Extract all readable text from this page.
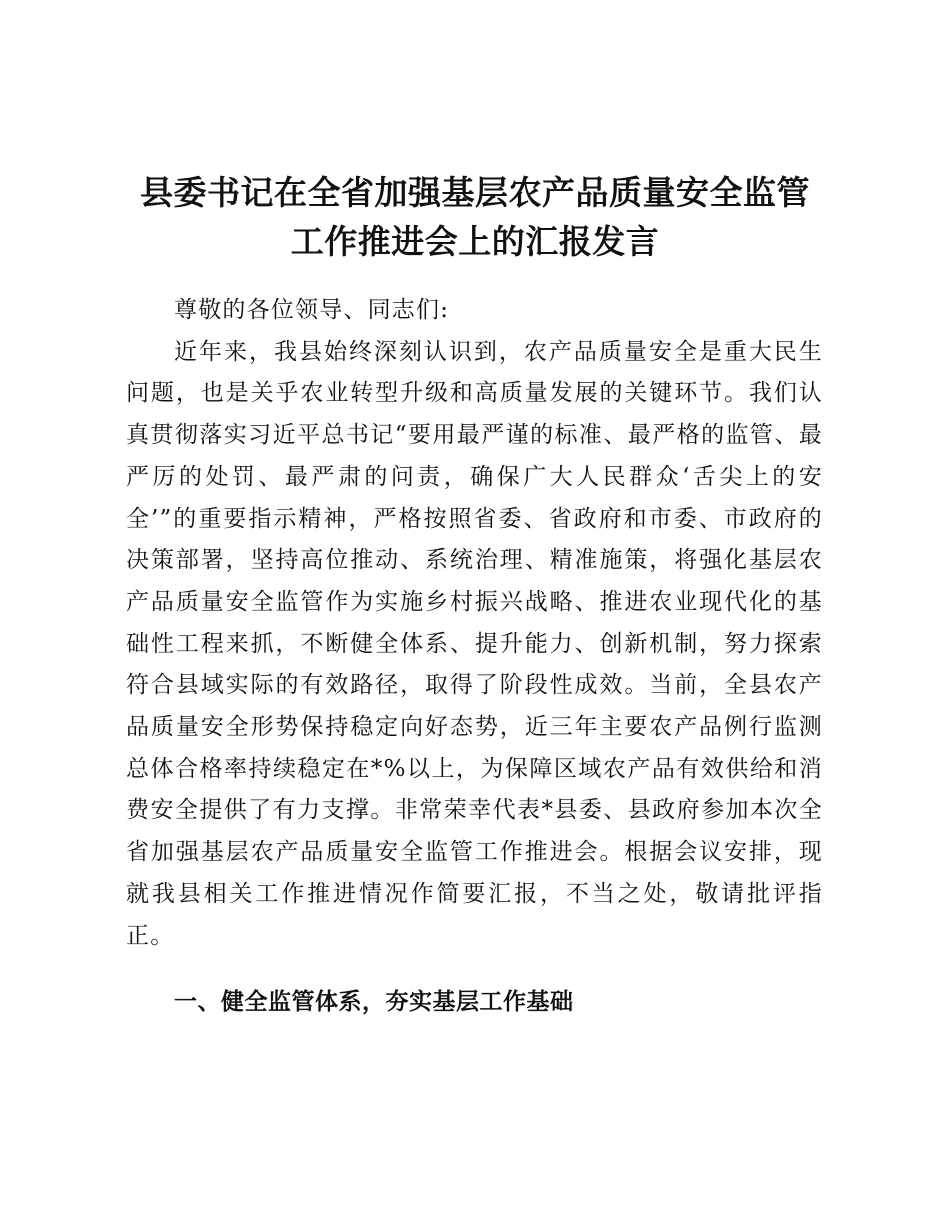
县委书记在全省加强基层农产品质量安全监管
工作推进会上的汇报发言

尊敬的各位领导、同志们:

近年来，我县始终深刻认识到，农产品质量安全是重大民生问题，也是关乎农业转型升级和高质量发展的关键环节。我们认真贯彻落实习近平总书记“要用最严谨的标准、最严格的监管、最严厉的处罚、最严肃的问责，确保广大人民群众‘舌尖上的安全’”的重要指示精神，严格按照省委、省政府和市委、市政府的决策部署，坚持高位推动、系统治理、精准施策，将强化基层农产品质量安全监管作为实施乡村振兴战略、推进农业现代化的基础性工程来抓，不断健全体系、提升能力、创新机制，努力探索符合县域实际的有效路径，取得了阶段性成效。当前，全县农产品质量安全形势保持稳定向好态势，近三年主要农产品例行监测总体合格率持续稳定在*%以上，为保障区域农产品有效供给和消费安全提供了有力支撑。非常荣幸代表*县委、县政府参加本次全省加强基层农产品质量安全监管工作推进会。根据会议安排，现就我县相关工作推进情况作简要汇报，不当之处，敬请批评指正。

一、健全监管体系，夯实基层工作基础
